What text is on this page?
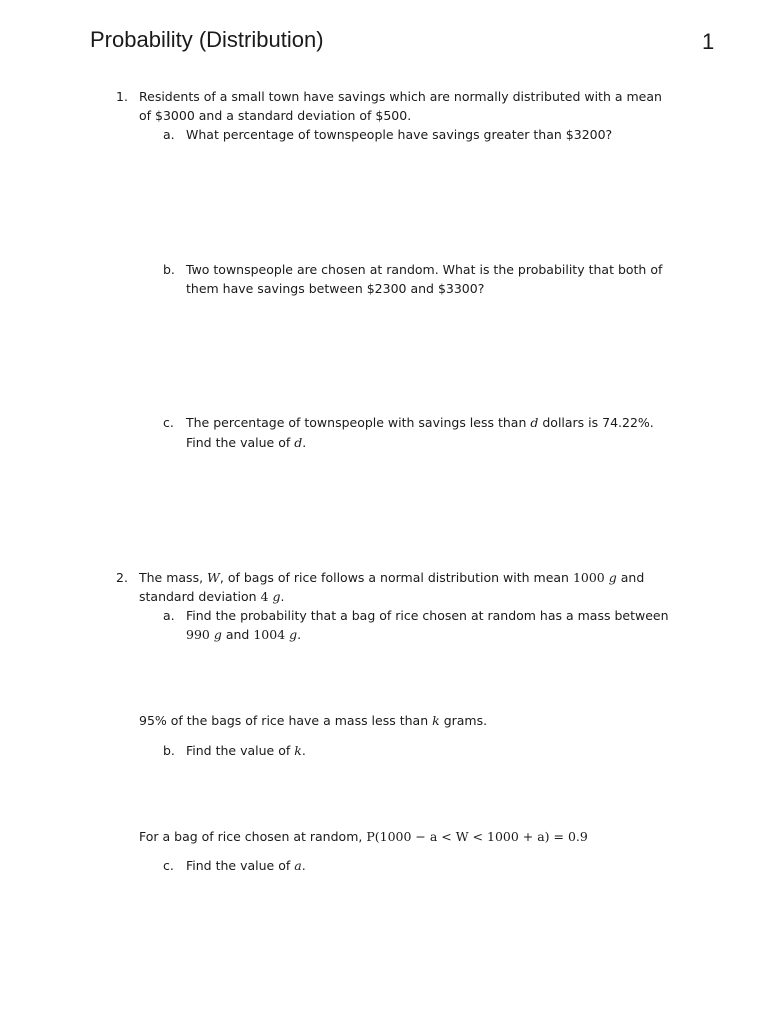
Probability (Distribution)	1
1. Residents of a small town have savings which are normally distributed with a mean
of $3000 and a standard deviation of $500.
a. What percentage of townspeople have savings greater than $3200?
b. Two townspeople are chosen at random. What is the probability that both of
them have savings between $2300 and $3300?
c. The percentage of townspeople with savings less than d dollars is 74.22%.
Find the value of d.
2. The mass, W, of bags of rice follows a normal distribution with mean 1000 g and
standard deviation 4 g.
a. Find the probability that a bag of rice chosen at random has a mass between
990 g and 1004 g.
95% of the bags of rice have a mass less than k grams.
b. Find the value of k.
For a bag of rice chosen at random, P(1000 − a < W < 1000 + a) = 0.9
c. Find the value of a.
